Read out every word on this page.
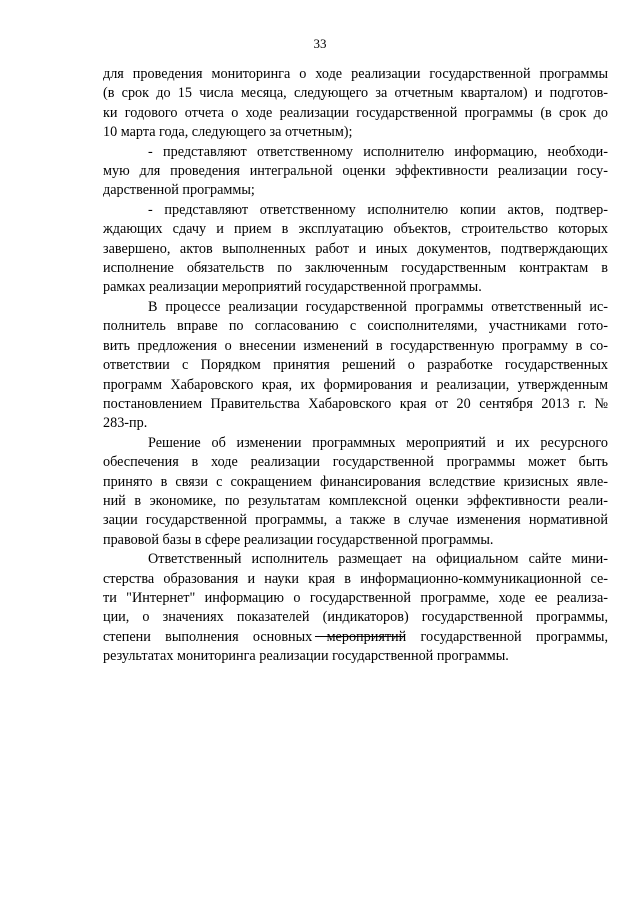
33

для проведения мониторинга о ходе реализации государственной программы
(в срок до 15 числа месяца, следующего за отчетным кварталом) и подготов-
ки годового отчета о ходе реализации государственной программы (в срок до
10 марта года, следующего за отчетным);

- представляют ответственному исполнителю информацию, необходи-
мую для проведения интегральной оценки эффективности реализации госу-
дарственной программы;

- представляют ответственному исполнителю копии актов, подтвер-
ждающих сдачу и прием в эксплуатацию объектов, строительство которых
завершено, актов выполненных работ и иных документов, подтверждающих
исполнение обязательств по заключенным государственным контрактам в
рамках реализации мероприятий государственной программы.

В процессе реализации государственной программы ответственный ис-
полнитель вправе по согласованию с соисполнителями, участниками гото-
вить предложения о внесении изменений в государственную программу в со-
ответствии с Порядком принятия решений о разработке государственных
программ Хабаровского края, их формирования и реализации, утвержденным
постановлением Правительства Хабаровского края от 20 сентября 2013 г. №
283-пр.

Решение об изменении программных мероприятий и их ресурсного
обеспечения в ходе реализации государственной программы может быть
принято в связи с сокращением финансирования вследствие кризисных явле-
ний в экономике, по результатам комплексной оценки эффективности реали-
зации государственной программы, а также в случае изменения нормативной
правовой базы в сфере реализации государственной программы.

Ответственный исполнитель размещает на официальном сайте мини-
стерства образования и науки края в информационно-коммуникационной се-
ти "Интернет" информацию о государственной программе, ходе ее реализа-
ции, о значениях показателей (индикаторов) государственной программы,
степени выполнения основных мероприятий государственной программы,
результатах мониторинга реализации государственной программы.
